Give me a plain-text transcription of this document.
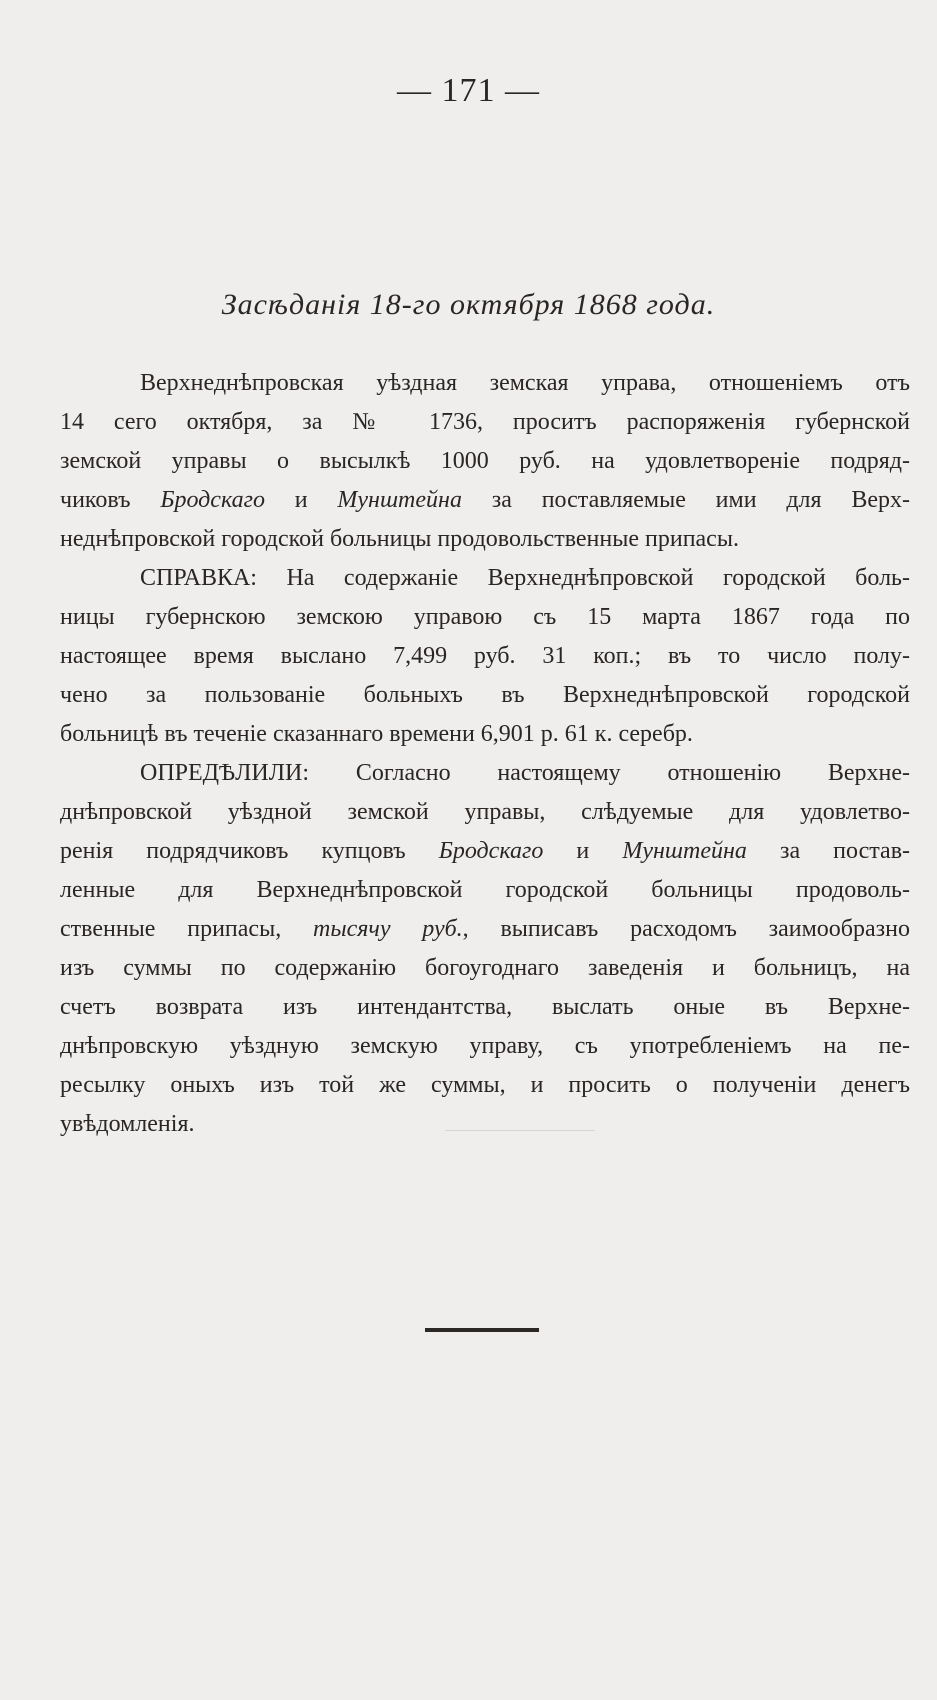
— 171 —
Засѣданія 18-го октября 1868 года.

Верхнеднѣпровская уѣздная земская управа, отношеніемъ отъ
14 сего октября, за № 1736, проситъ распоряженія губернской
земской управы о высылкѣ 1000 руб. на удовлетвореніе подряд-
чиковъ Бродскаго и Мунштейна за поставляемые ими для Верх-
неднѣпровской городской больницы продовольственные припасы.

СПРАВКА: На содержаніе Верхнеднѣпровской городской боль-
ницы губернскою земскою управою съ 15 марта 1867 года по
настоящее время выслано 7,499 руб. 31 коп.; въ то число полу-
чено за пользованіе больныхъ въ Верхнеднѣпровской городской
больницѣ въ теченіе сказаннаго времени 6,901 р. 61 к. серебр.

ОПРЕДѢЛИЛИ: Согласно настоящему отношенію Верхне-
днѣпровской уѣздной земской управы, слѣдуемые для удовлетво-
ренія подрядчиковъ купцовъ Бродскаго и Мунштейна за постав-
ленные для Верхнеднѣпровской городской больницы продоволь-
ственные припасы, тысячу руб., выписавъ расходомъ заимообразно
изъ суммы по содержанію богоугоднаго заведенія и больницъ, на
счетъ возврата изъ интендантства, выслать оные въ Верхне-
днѣпровскую уѣздную земскую управу, съ употребленіемъ на пе-
ресылку оныхъ изъ той же суммы, и просить о полученіи денегъ
увѣдомленія.
